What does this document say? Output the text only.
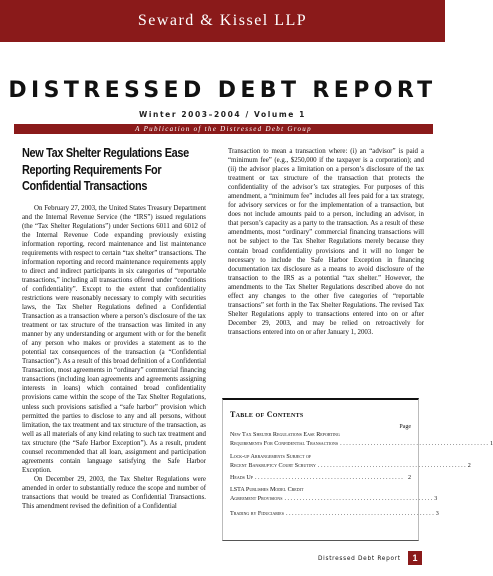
Seward & Kissel LLP
DISTRESSED DEBT REPORT
Winter 2003–2004 / Volume 1
A Publication of the Distressed Debt Group
New Tax Shelter Regulations Ease
Reporting Requirements For
Confidential Transactions

On February 27, 2003, the United States Treasury Department and the Internal Revenue Service (the “IRS”) issued regulations (the “Tax Shelter Regulations”) under Sections 6011 and 6012 of the Internal Revenue Code expanding previously existing information reporting, record maintenance and list maintenance requirements with respect to certain “tax shelter” transactions. The information reporting and record maintenance requirements apply to direct and indirect participants in six categories of “reportable transactions,” including all transactions offered under “conditions of confidentiality”. Except to the extent that confidentiality restrictions were reasonably necessary to comply with securities laws, the Tax Shelter Regulations defined a Confidential Transaction as a transaction where a person’s disclosure of the tax treatment or tax structure of the transaction was limited in any manner by any understanding or argument with or for the benefit of any person who makes or provides a statement as to the potential tax consequences of the transaction (a “Confidential Transaction”). As a result of this broad definition of a Confidential Transaction, most agreements in “ordinary” commercial financing transactions (including loan agreements and agreements assigning interests in loans) which contained broad confidentiality provisions came within the scope of the Tax Shelter Regulations, unless such provisions satisfied a “safe harbor” provision which permitted the parties to disclose to any and all persons, without limitation, the tax treatment and tax structure of the transaction, as well as all materials of any kind relating to such tax treatment and tax structure (the “Safe Harbor Exception”). As a result, prudent counsel recommended that all loan, assignment and participation agreements contain language satisfying the Safe Harbor Exception.

On December 29, 2003, the Tax Shelter Regulations were amended in order to substantially reduce the scope and number of transactions that would be treated as Confidential Transactions. This amendment revised the definition of a Confidential

Transaction to mean a transaction where: (i) an “advisor” is paid a “minimum fee” (e.g., $250,000 if the taxpayer is a corporation); and (ii) the advisor places a limitation on a person’s disclosure of the tax treatment or tax structure of the transaction that protects the confidentiality of the advisor’s tax strategies. For purposes of this amendment, a “minimum fee” includes all fees paid for a tax strategy, for advisory services or for the implementation of a transaction, but does not include amounts paid to a person, including an advisor, in that person’s capacity as a party to the transaction. As a result of these amendments, most “ordinary” commercial financing transactions will not be subject to the Tax Shelter Regulations merely because they contain broad confidentiality provisions and it will no longer be necessary to include the Safe Harbor Exception in financing documentation tax disclosure as a means to avoid disclosure of the transaction to the IRS as a potential “tax shelter.” However, the amendments to the Tax Shelter Regulations described above do not effect any changes to the other five categories of “reportable transactions” set forth in the Tax Shelter Regulations. The revised Tax Shelter Regulations apply to transactions entered into on or after December 29, 2003, and may be relied on retroactively for transactions entered into on or after January 1, 2003.

Table of Contents
Page
New Tax Shelter Regulations Ease Reporting
Requirements For Confidential Transactions . . . . . . . . . . . . . . . . . . . . . . . . . . . . . . . . . . . . . . . . . . . . . . . . . 1
Lock-up Arrangements Subject of
Recent Bankruptcy Court Scrutiny . . . . . . . . . . . . . . . . . . . . . . . . . . . . . . . . . . . . . . . . . . . . . . . . . 2
Heads Up . . . . . . . . . . . . . . . . . . . . . . . . . . . . . . . . . . . . . . . . . . . . . . . . . 2
LSTA Publishes Model Credit
Agreement Provisions . . . . . . . . . . . . . . . . . . . . . . . . . . . . . . . . . . . . . . . . . . . . . . . . . 3
Trading by Fiduciaries . . . . . . . . . . . . . . . . . . . . . . . . . . . . . . . . . . . . . . . . . . . . . . . . . 3
Distressed Debt Report	1
